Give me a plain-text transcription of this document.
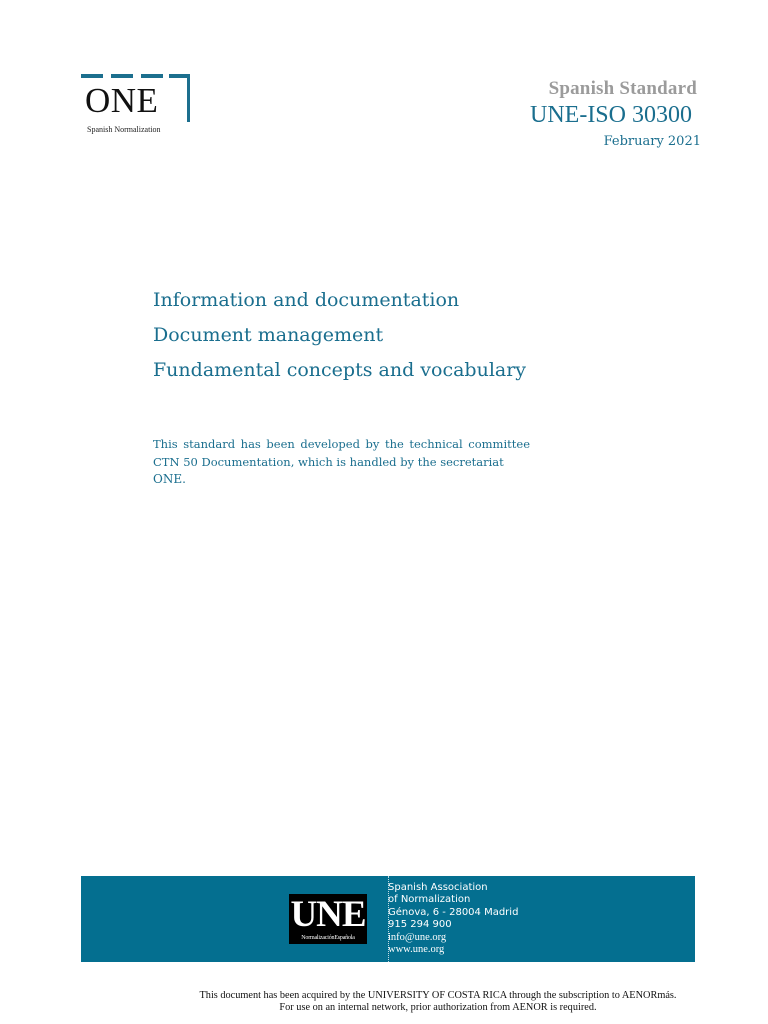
ONE
Spanish Normalization
Spanish Standard
UNE-ISO 30300
February 2021
Information and documentation
Document management
Fundamental concepts and vocabulary
This standard has been developed by the technical committee
CTN 50 Documentation, which is handled by the secretariat
ONE.
UNE
NormalizaciónEspañola
Spanish Association
of Normalization
Génova, 6 - 28004 Madrid
915 294 900
info@une.org
www.une.org
This document has been acquired by the UNIVERSITY OF COSTA RICA through the subscription to AENORmás.
For use on an internal network, prior authorization from AENOR is required.
